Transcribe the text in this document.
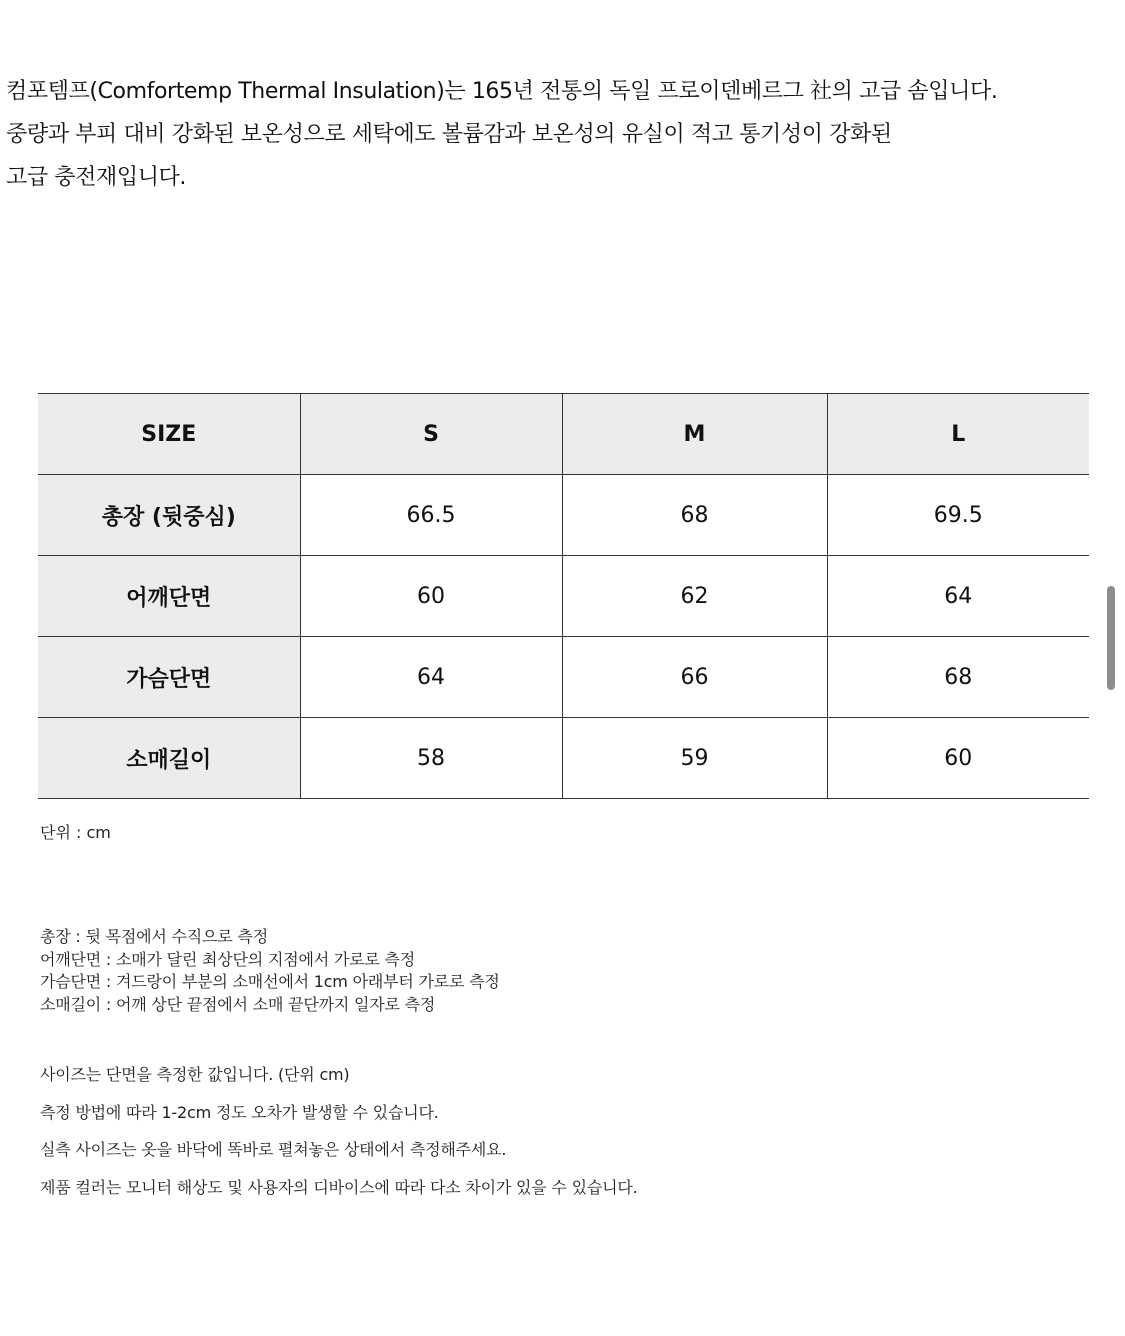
컴포템프(Comfortemp Thermal Insulation)는 165년 전통의 독일 프로이덴베르그 社의 고급 솜입니다.

중량과 부피 대비 강화된 보온성으로 세탁에도 볼륨감과 보온성의 유실이 적고 통기성이 강화된

고급 충전재입니다.

SIZE	S	M	L
총장 (뒷중심)	66.5	68	69.5
어깨단면	60	62	64
가슴단면	64	66	68
소매길이	58	59	60
단위 : cm

총장 : 뒷 목점에서 수직으로 측정

어깨단면 : 소매가 달린 최상단의 지점에서 가로로 측정

가슴단면 : 겨드랑이 부분의 소매선에서 1cm 아래부터 가로로 측정

소매길이 : 어깨 상단 끝점에서 소매 끝단까지 일자로 측정

사이즈는 단면을 측정한 값입니다. (단위 cm)

측정 방법에 따라 1-2cm 정도 오차가 발생할 수 있습니다.

실측 사이즈는 옷을 바닥에 똑바로 펼쳐놓은 상태에서 측정해주세요.

제품 컬러는 모니터 해상도 및 사용자의 디바이스에 따라 다소 차이가 있을 수 있습니다.
